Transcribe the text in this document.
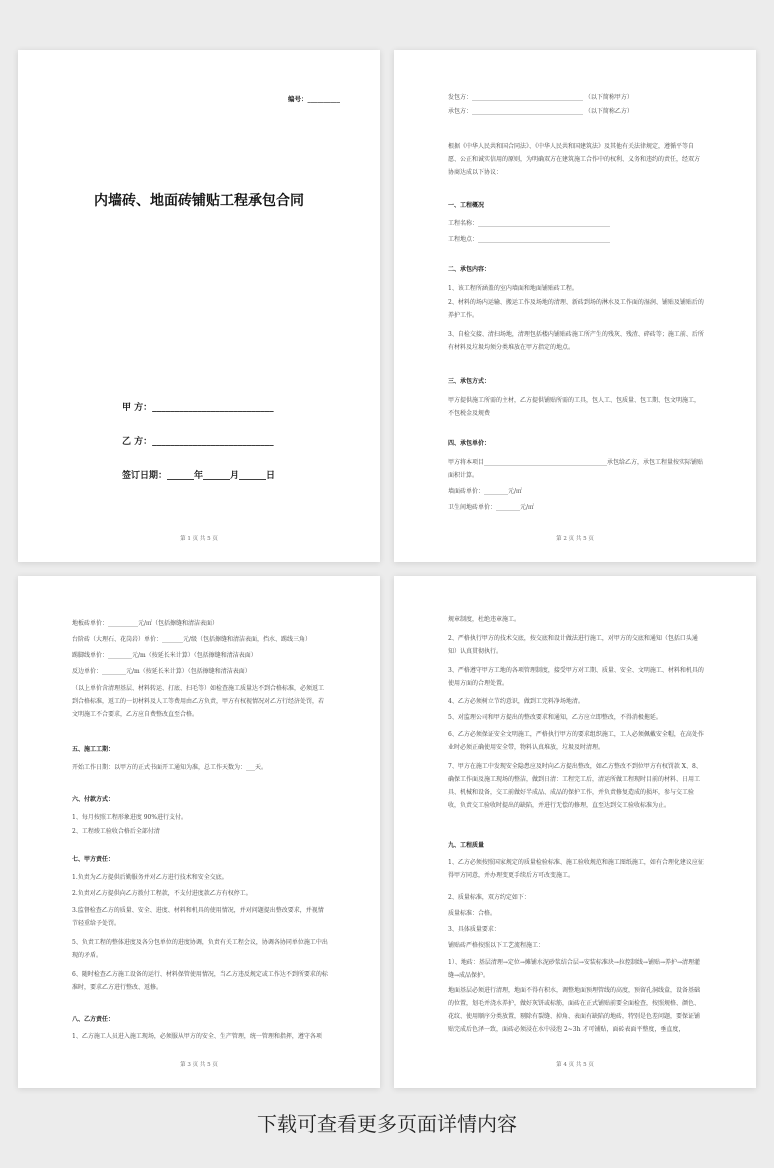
编号：__________
内墙砖、地面砖铺贴工程承包合同
甲 方：___________________________
乙 方：___________________________
签订日期：______年______月______日
第 1 页 共 5 页
发包方：_____________________________________ （以下简称甲方）
承包方：_____________________________________ （以下简称乙方）
根据《中华人民共和国合同法》、《中华人民共和国建筑法》及其他有关法律规定，遵循平等自愿、公正和诚实信用的原则，为明确双方在建筑施工合作中的权利、义务和违约的责任，经双方协商达成以下协议：
一、工程概况
工程名称：____________________________________________
工程地点：____________________________________________
二、承包内容：
1、该工程所涵盖的室内墙面和地面铺贴砖工程。
2、材料的场内运输、搬运工作及场地的清理、新砖到场的淋水及工作面的湿润、铺贴及铺贴后的养护工作。
3、自检交接、清扫场地，清理包括楼内铺贴砖施工所产生的残灰、残渣、碎砖等；施工前、后所有材料及垃圾均须分类堆放在甲方指定的地点。
三、承包方式：
甲方提供施工所需的主材，乙方提供铺贴所需的工具，包人工、包质量、包工期、包文明施工，不包税金及规费
四、承包单价：
甲方将本项目_________________________________________承包给乙方，承包工程量按实际铺贴面积计算。
墙面砖单价：________元/㎡
卫生间地砖单价：________元/㎡
第 2 页 共 5 页
地板砖单价：__________元/㎡（包括擦缝和清洁表面）
台阶砖（大理石、花岗岩）单价：_______元/级（包括擦缝和清洁表面，挡水、踢线三角）
踢脚线单价：________元/m（按延长米计算）（包括擦缝和清洁表面）
反边单价：________元/m（按延长米计算）（包括擦缝和清洁表面）
（以上单价含清理基层、材料转运、打底、扫毛等）如检查施工质量达不到合格标准，必须返工到合格标准，返工的一切材料及人工等费用由乙方负责，甲方有权视情况对乙方行经济处罚，若文明施工不合要求，乙方应自费整改直至合格。
五、施工工期：
开始工作日期：以甲方的正式书面开工通知为准，总工作天数为：___天。
六、付款方式：
1、每月按照工程形象进度 90%进行支付。
2、工程竣工验收合格后全部付清
七、甲方责任：
1.负责为乙方提供后勤服务并对乙方进行技术和安全交底。
2.负责对乙方提供向乙方拨付工程款，不支付进度款乙方有权停工。
3.监督检查乙方的质量、安全、进度、材料和机具的使用情况，并对问题提出整改要求，并视情节轻重给予处罚。
5、负责工程的整体进度及各分包单位的进度协调，负责有关工程会议，协调各协同单位施工中出现的矛盾。
6、随时检查乙方施工设备的运行、材料保管使用情况，当乙方违反规定或工作达不到所要求的标准时，要求乙方进行整改、返修。
八、乙方责任：
1、乙方施工人员进入施工现场，必须服从甲方的安全、生产管理，统一管理和指挥，遵守各项
第 3 页 共 5 页
规章制度，杜绝违章施工。
2、严格执行甲方的技术交底，按交底和设计做法进行施工，对甲方的交底和通知（包括口头通知）认真贯彻执行。
3、严格遵守甲方工地的各项管理制度，接受甲方对工期、质量、安全、文明施工、材料和机具的使用方面的合理处置。
4、乙方必须树立节约意识，做到工完料净场地清。
5、对监理公司和甲方提出的整改要求和通知，乙方应立即整改，不得消极拖延。
6、乙方必须保证安全文明施工，严格执行甲方的要求组织施工，工人必须佩戴安全帽，在高处作业时必须正确使用安全带，物料认真堆放，垃圾及时清理。
7、甲方在施工中发现安全隐患应及时向乙方提出整改，如乙方整改不到位甲方有权罚款 X、8、确保工作面及施工现场的整洁，做到日清：工程完工后，清运所做工程现时目前的材料、日用工具、机械和设备，交工前做好半成品、成品的保护工作，并负责修复造成的损坏，参与交工验收，负责交工验收时提出的缺陷，并进行无偿的修理，直至达到交工验收标准为止。
九、工程质量
1、乙方必须按照国家规定的质量检验标准、施工验收规范和施工图纸施工，如有合理化建议应征得甲方同意，并办理变更手续后方可改变施工。
2、质量标准，双方约定如下：
质量标准：合格。
3、具体质量要求：
铺贴砖严格按照以下工艺流程施工：
1）、地砖：基层清理→定位→摊铺水泥砂浆结合层→安装标准块→拉控制线→铺贴→养护→清理灌缝→成品保护。
地面基层必须进行清理，地面不得有积水，调整地面预埋管线的高度，预留孔洞线盒，设备基础的位置，划毛并浇水养护，做好灰饼或标筋，面砖在正式铺贴前要全面检查，按照规格、颜色、花纹、使用顺序分类放置，剔除有裂缝、掉角、表面有缺陷的地砖，特别是色差问题，要保证铺贴完成后色泽一致，面砖必须浸在水中浸泡 2~3h 才可铺贴，面砖表面平整度，垂直度，
第 4 页 共 5 页
下载可查看更多页面详情内容
